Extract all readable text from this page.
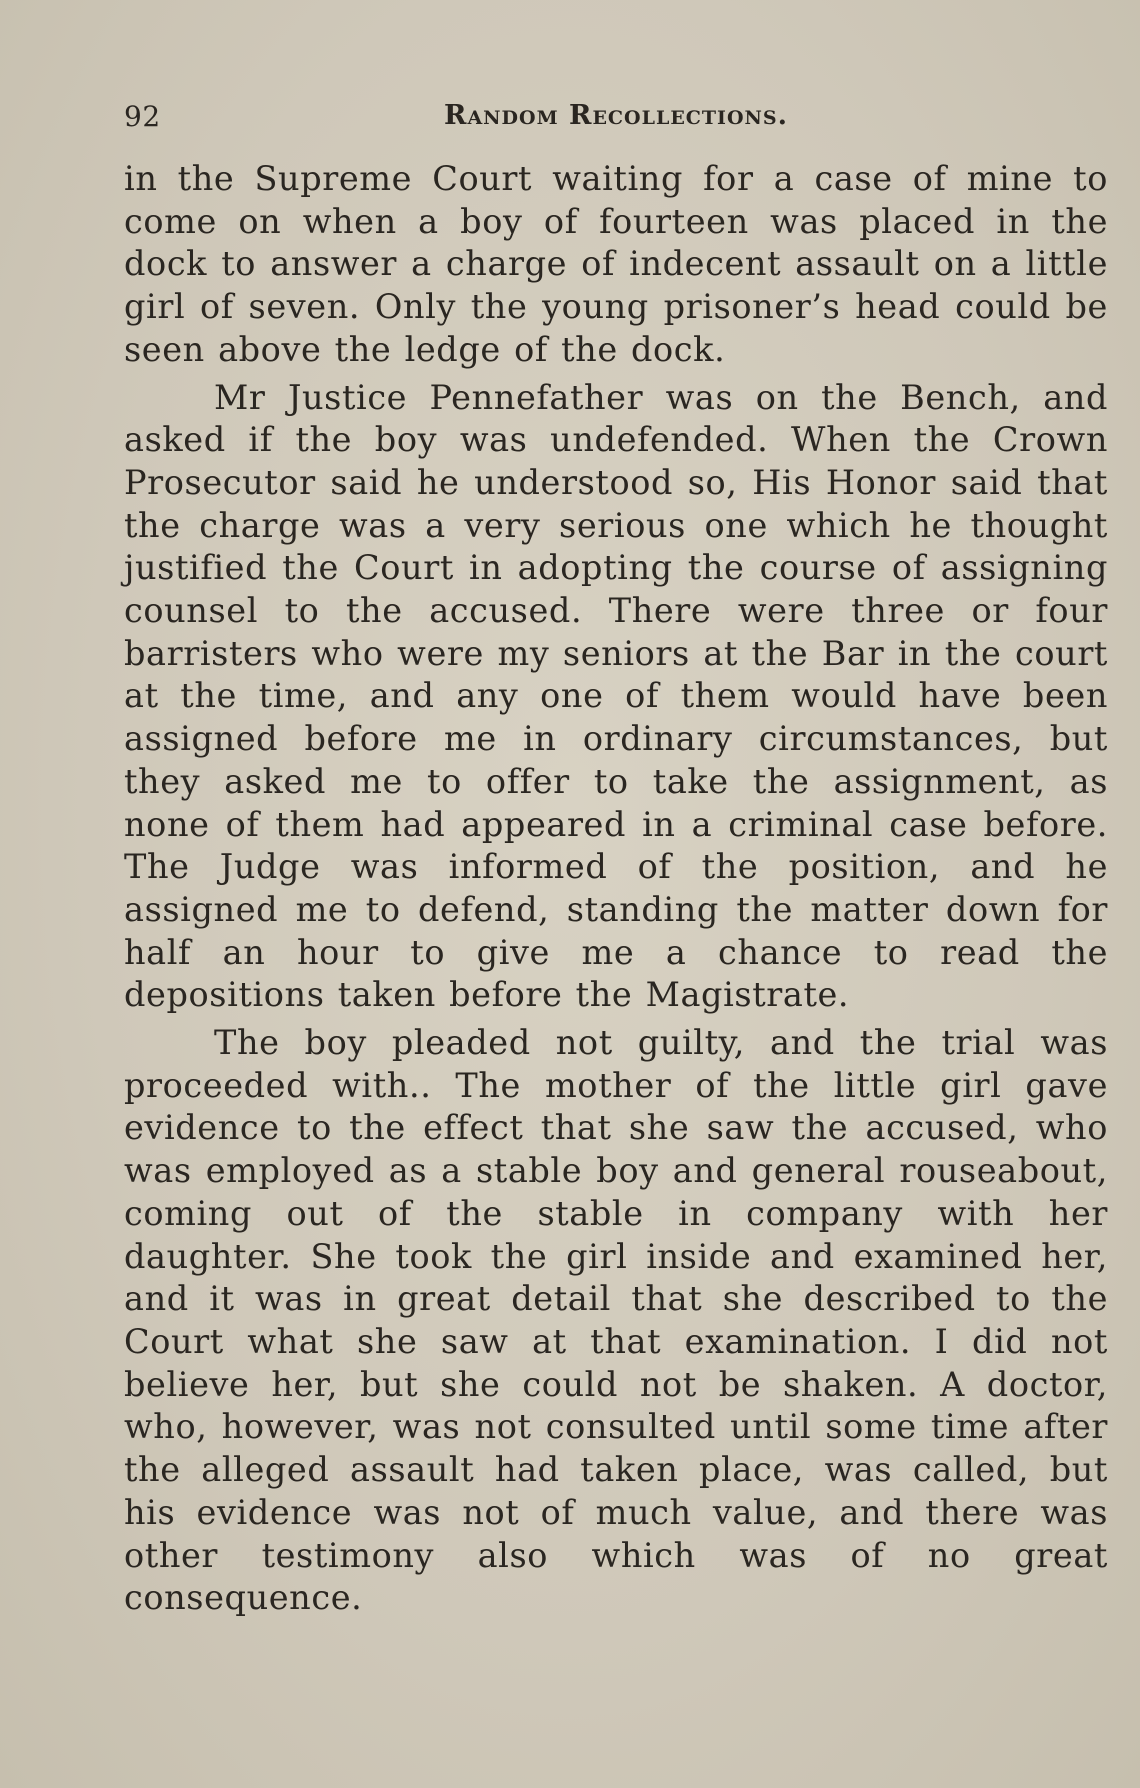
92	Random Recollections.

in the Supreme Court waiting for a case of mine to come on when a boy of fourteen was placed in the dock to answer a charge of indecent assault on a little girl of seven. Only the young prisoner’s head could be seen above the ledge of the dock.

Mr Justice Pennefather was on the Bench, and asked if the boy was undefended. When the Crown Prosecutor said he understood so, His Honor said that the charge was a very serious one which he thought justified the Court in adopting the course of assigning counsel to the accused. There were three or four barristers who were my seniors at the Bar in the court at the time, and any one of them would have been assigned before me in ordinary circumstances, but they asked me to offer to take the assignment, as none of them had appeared in a criminal case before. The Judge was informed of the position, and he assigned me to defend, standing the matter down for half an hour to give me a chance to read the depositions taken before the Magistrate.

The boy pleaded not guilty, and the trial was proceeded with.. The mother of the little girl gave evidence to the effect that she saw the accused, who was employed as a stable boy and general rouseabout, coming out of the stable in company with her daughter. She took the girl inside and examined her, and it was in great detail that she described to the Court what she saw at that examination. I did not believe her, but she could not be shaken. A doctor, who, however, was not consulted until some time after the alleged assault had taken place, was called, but his evidence was not of much value, and there was other testimony also which was of no great consequence.
